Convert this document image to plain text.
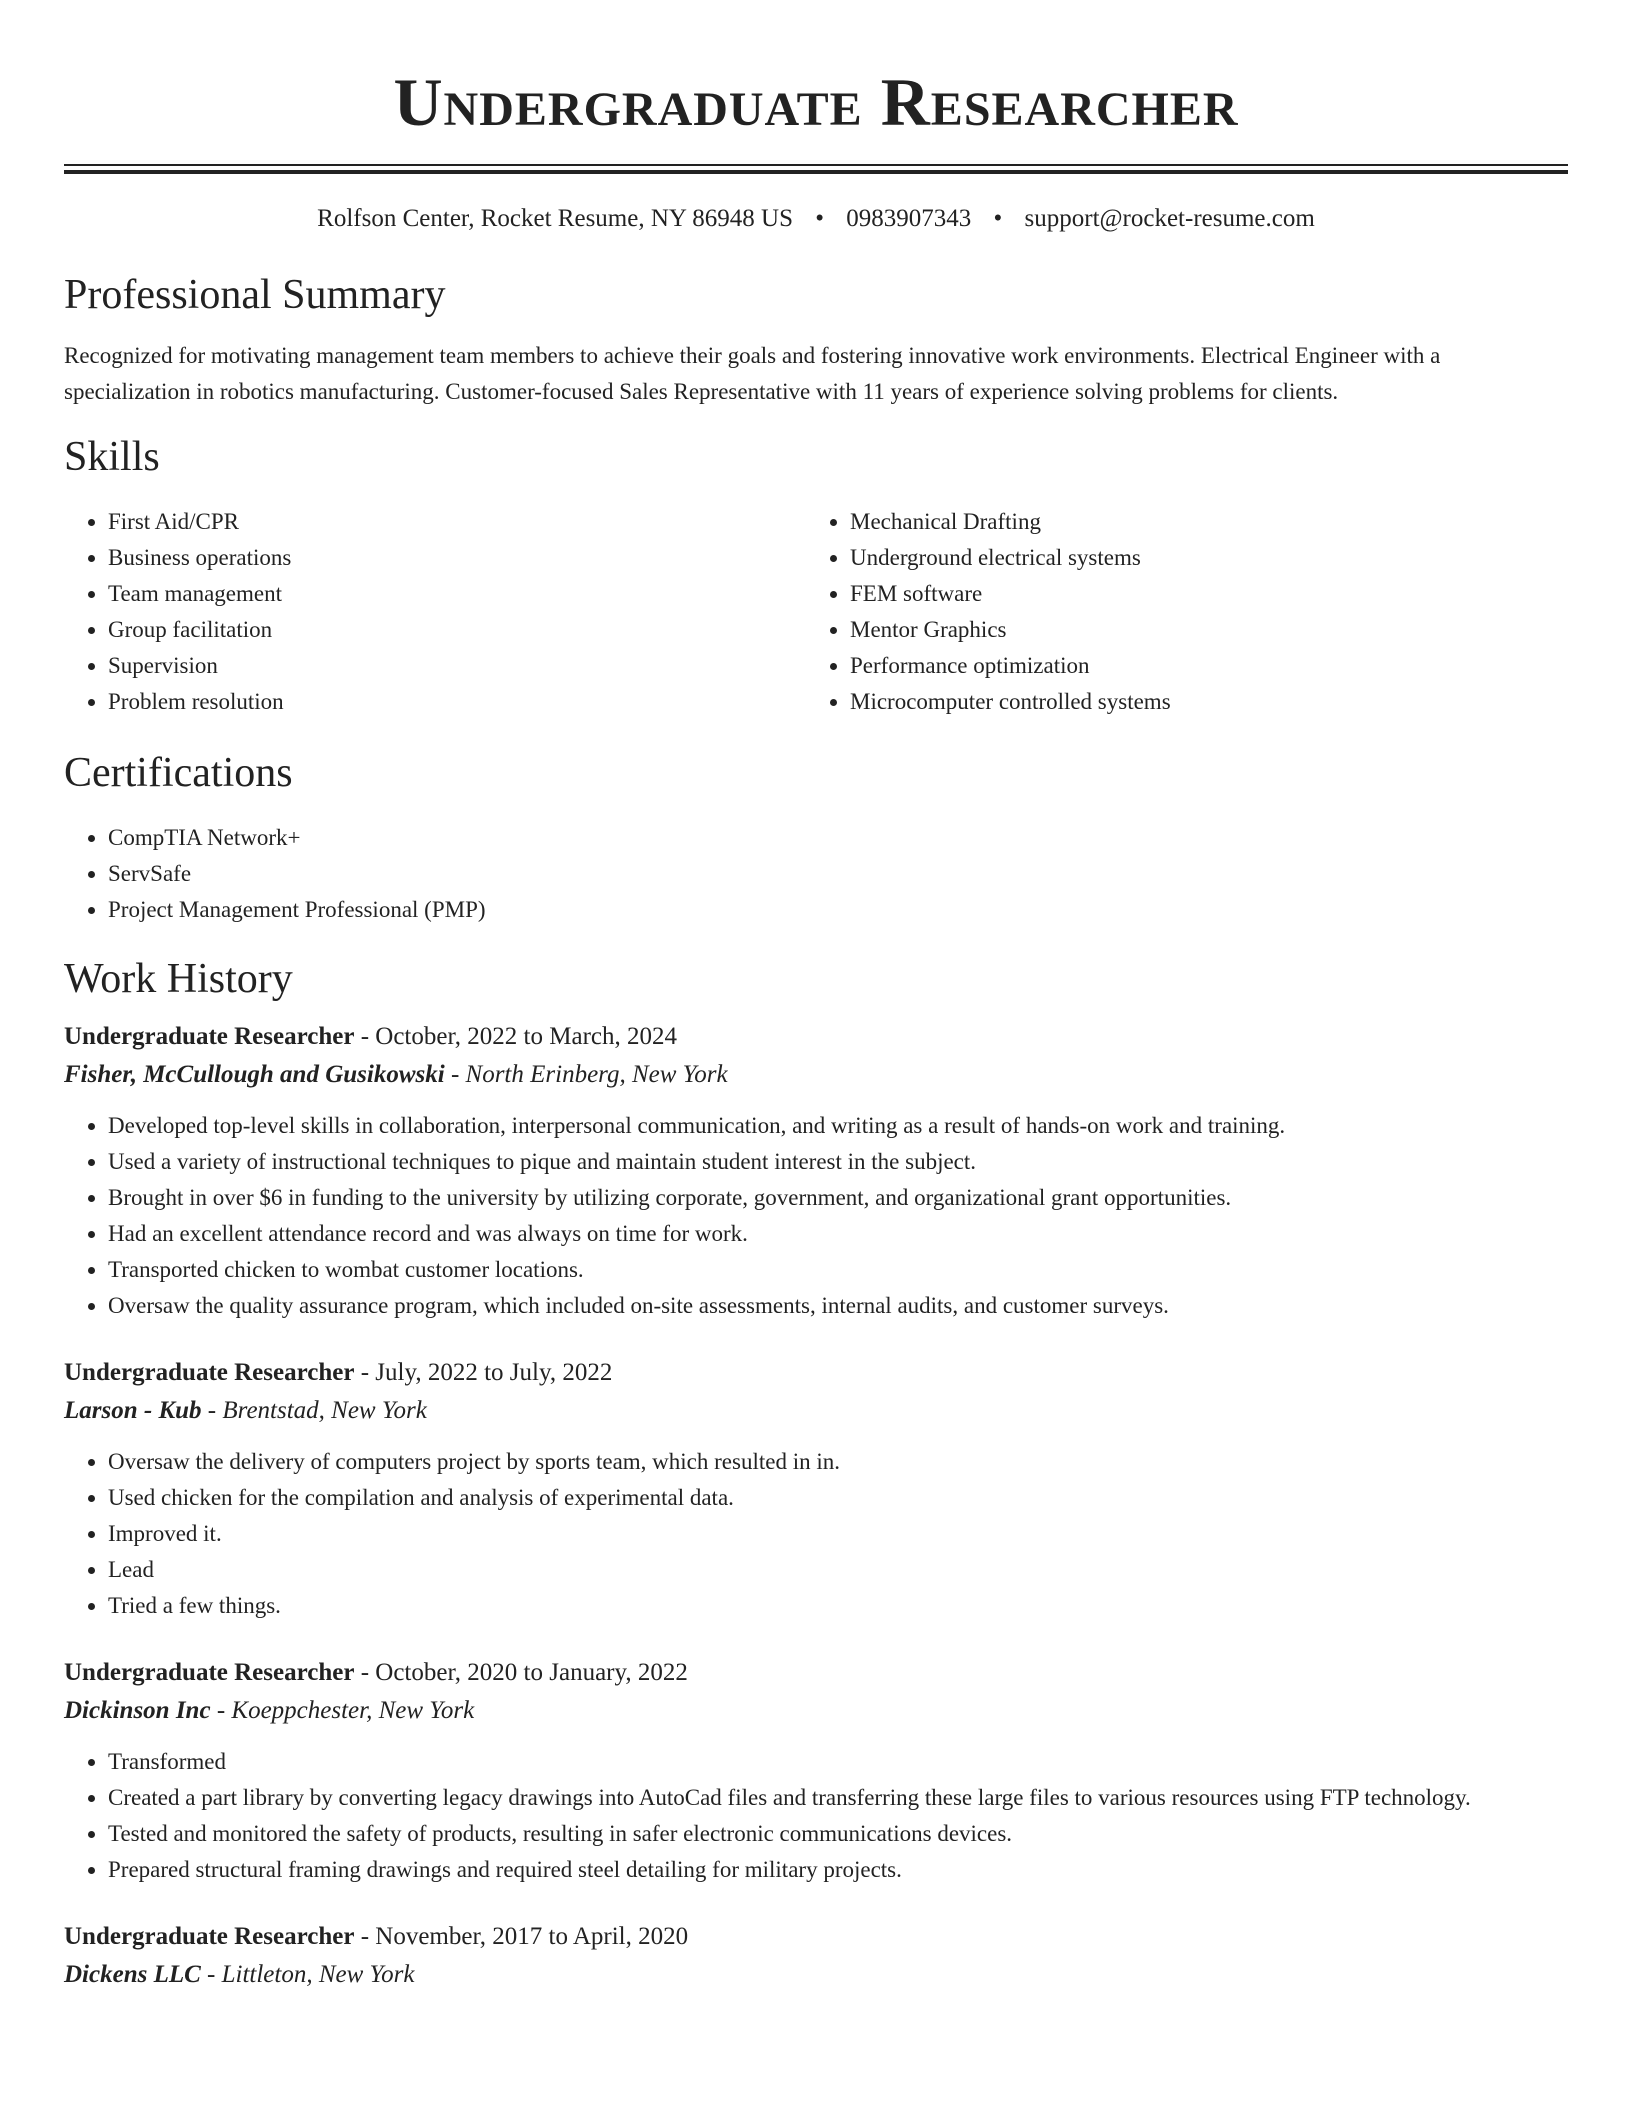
Undergraduate Researcher
Rolfson Center, Rocket Resume, NY 86948 US • 0983907343 • support@rocket-resume.com
Professional Summary
Recognized for motivating management team members to achieve their goals and fostering innovative work environments. Electrical Engineer with a specialization in robotics manufacturing. Customer-focused Sales Representative with 11 years of experience solving problems for clients.
Skills
• First Aid/CPR
• Business operations
• Team management
• Group facilitation
• Supervision
• Problem resolution
• Mechanical Drafting
• Underground electrical systems
• FEM software
• Mentor Graphics
• Performance optimization
• Microcomputer controlled systems
Certifications
• CompTIA Network+
• ServSafe
• Project Management Professional (PMP)
Work History
Undergraduate Researcher - October, 2022 to March, 2024
Fisher, McCullough and Gusikowski - North Erinberg, New York
• Developed top-level skills in collaboration, interpersonal communication, and writing as a result of hands-on work and training.
• Used a variety of instructional techniques to pique and maintain student interest in the subject.
• Brought in over $6 in funding to the university by utilizing corporate, government, and organizational grant opportunities.
• Had an excellent attendance record and was always on time for work.
• Transported chicken to wombat customer locations.
• Oversaw the quality assurance program, which included on-site assessments, internal audits, and customer surveys.
Undergraduate Researcher - July, 2022 to July, 2022
Larson - Kub - Brentstad, New York
• Oversaw the delivery of computers project by sports team, which resulted in in.
• Used chicken for the compilation and analysis of experimental data.
• Improved it.
• Lead
• Tried a few things.
Undergraduate Researcher - October, 2020 to January, 2022
Dickinson Inc - Koeppchester, New York
• Transformed
• Created a part library by converting legacy drawings into AutoCad files and transferring these large files to various resources using FTP technology.
• Tested and monitored the safety of products, resulting in safer electronic communications devices.
• Prepared structural framing drawings and required steel detailing for military projects.
Undergraduate Researcher - November, 2017 to April, 2020
Dickens LLC - Littleton, New York
